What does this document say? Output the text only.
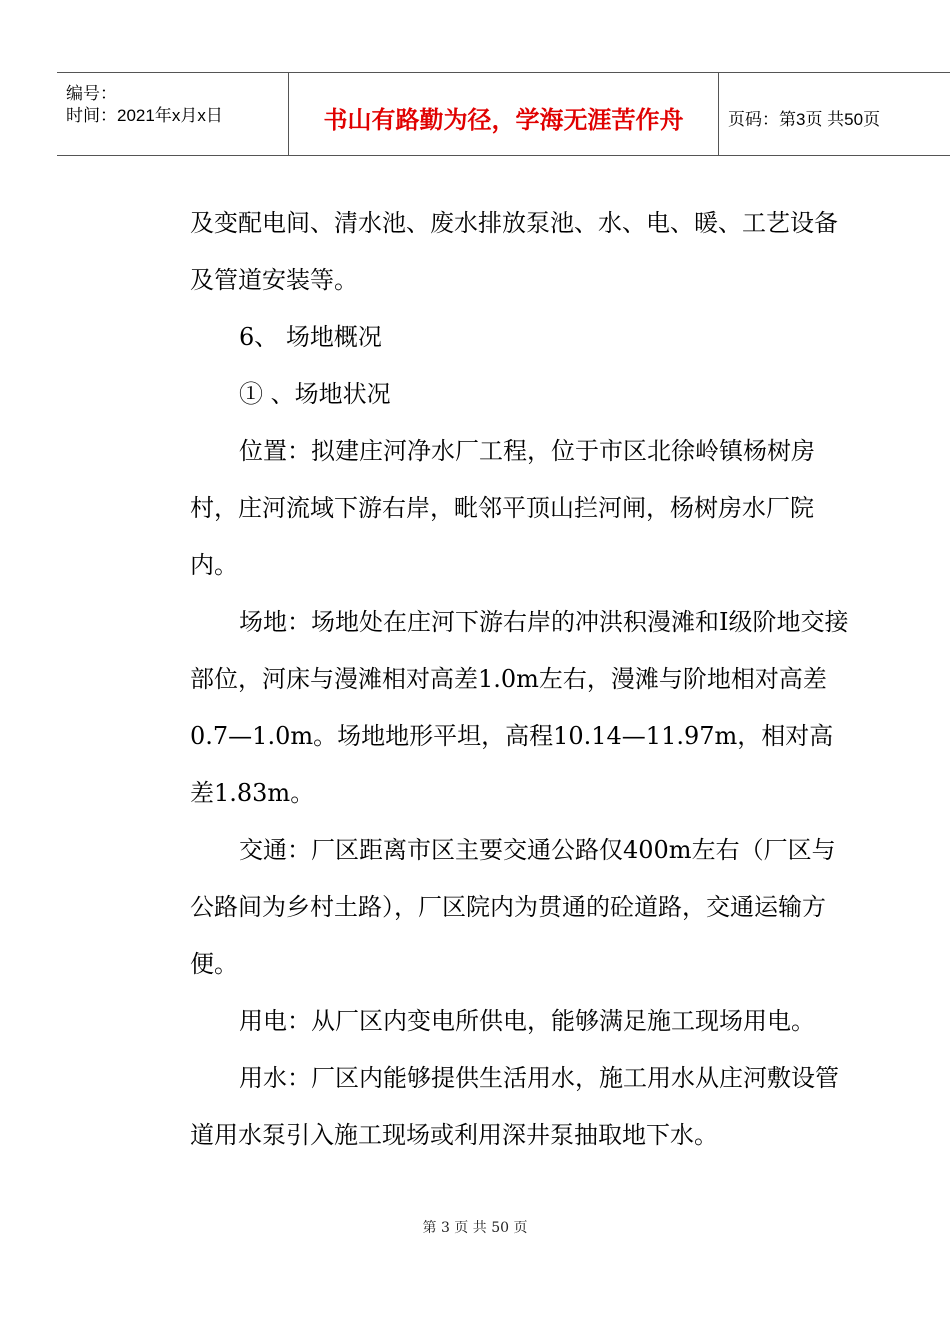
编号：
时间：2021年x月x日	书山有路勤为径，学海无涯苦作舟	页码：第3页 共50页

及变配电间、清水池、废水排放泵池、水、电、暖、工艺设备及管道安装等。

6、 场地概况

① 、场地状况

位置：拟建庄河净水厂工程，位于市区北徐岭镇杨树房村，庄河流域下游右岸，毗邻平顶山拦河闸，杨树房水厂院内。

场地：场地处在庄河下游右岸的冲洪积漫滩和Ⅰ级阶地交接部位，河床与漫滩相对高差1.0m左右，漫滩与阶地相对高差0.7—1.0m。场地地形平坦，高程10.14—11.97m，相对高差1.83m。

交通：厂区距离市区主要交通公路仅400m左右（厂区与公路间为乡村土路），厂区院内为贯通的砼道路，交通运输方便。

用电：从厂区内变电所供电，能够满足施工现场用电。

用水：厂区内能够提供生活用水，施工用水从庄河敷设管道用水泵引入施工现场或利用深井泵抽取地下水。

第 3 页 共 50 页
